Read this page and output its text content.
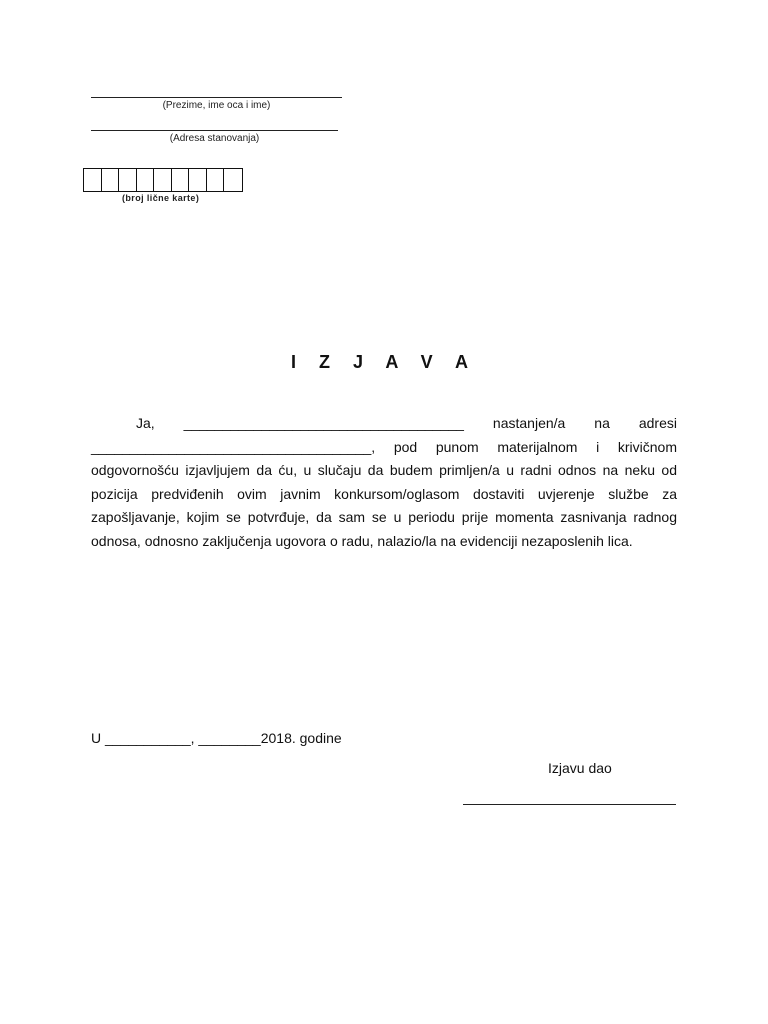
(Prezime, ime oca i ime)
(Adresa stanovanja)
(broj lične karte)
I Z J A V A
Ja, ____________________________________ nastanjen/a na adresi ____________________________________, pod punom materijalnom i krivičnom odgovornošću izjavljujem da ću, u slučaju da budem primljen/a u radni odnos na neku od pozicija predviđenih ovim javnim konkursom/oglasom dostaviti uvjerenje službe za zapošljavanje, kojim se potvrđuje, da sam se u periodu prije momenta zasnivanja radnog odnosa, odnosno zaključenja ugovora o radu, nalazio/la na evidenciji nezaposlenih lica.
U ___________, ________2018. godine
Izjavu dao
